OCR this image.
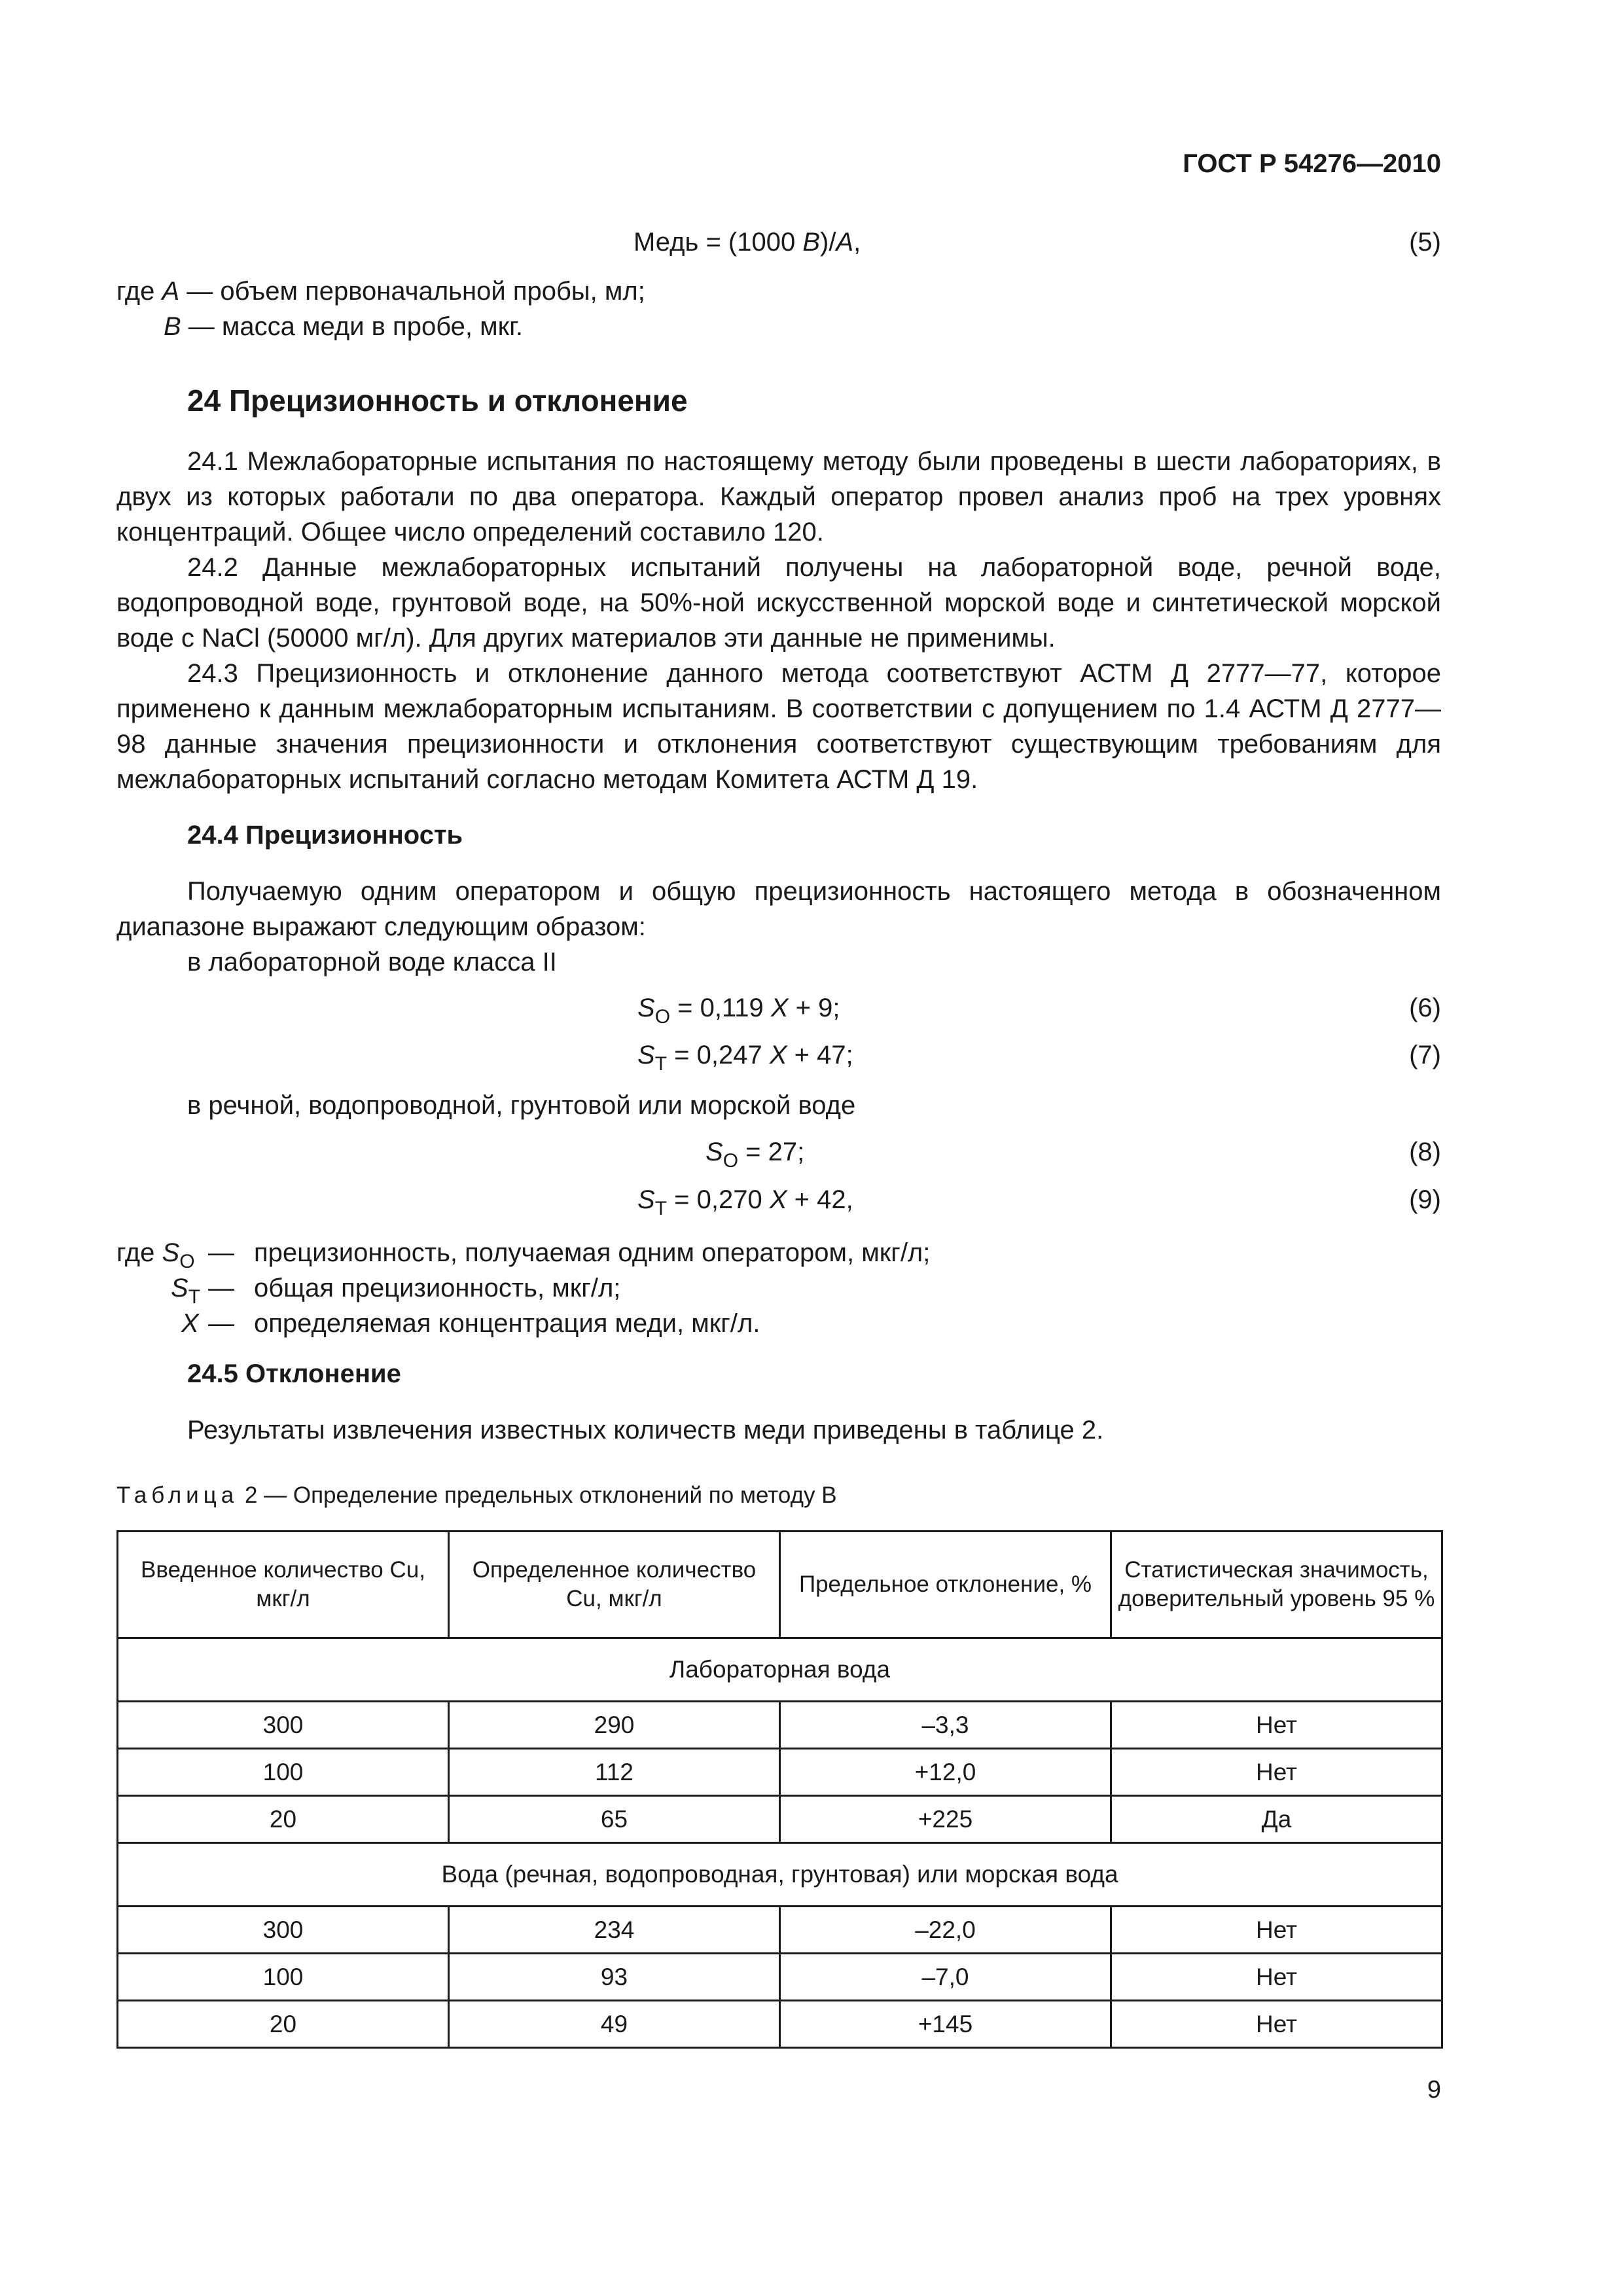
ГОСТ Р 54276—2010
Медь = (1000 B)/A,	(5)
где A — объем первоначальной пробы, мл;
B — масса меди в пробе, мкг.
24 Прецизионность и отклонение
24.1 Межлабораторные испытания по настоящему методу были проведены в шести лабораториях, в двух из которых работали по два оператора. Каждый оператор провел анализ проб на трех уровнях концентраций. Общее число определений составило 120.
24.2 Данные межлабораторных испытаний получены на лабораторной воде, речной воде, водопроводной воде, грунтовой воде, на 50%-ной искусственной морской воде и синтетической морской воде с NaCl (50000 мг/л). Для других материалов эти данные не применимы.
24.3 Прецизионность и отклонение данного метода соответствуют АСТМ Д 2777—77, которое применено к данным межлабораторным испытаниям. В соответствии с допущением по 1.4 АСТМ Д 2777—98 данные значения прецизионности и отклонения соответствуют существующим требованиям для межлабораторных испытаний согласно методам Комитета АСТМ Д 19.
24.4 Прецизионность
Получаемую одним оператором и общую прецизионность настоящего метода в обозначенном диапазоне выражают следующим образом:
в лабораторной воде класса II
$S_O = 0,119$ X + 9;	(6)
$S_T = 0,247$ X + 47;	(7)
в речной, водопроводной, грунтовой или морской воде
$S_O = 27$;	(8)
$S_T = 0,270$ X + 42,	(9)
где $S_O$ — прецизионность, получаемая одним оператором, мкг/л;
$S_T$ — общая прецизионность, мкг/л;
X — определяемая концентрация меди, мкг/л.
24.5 Отклонение
Результаты извлечения известных количеств меди приведены в таблице 2.
Таблица 2 — Определение предельных отклонений по методу В
Введенное количество Cu, мкг/л	Определенное количество Cu, мкг/л	Предельное отклонение, %	Статистическая значимость, доверительный уровень 95 %
Лабораторная вода			
300	290	–3,3	Нет
100	112	+12,0	Нет
20	65	+225	Да
Вода (речная, водопроводная, грунтовая) или морская вода			
300	234	–22,0	Нет
100	93	–7,0	Нет
20	49	+145	Нет
9
